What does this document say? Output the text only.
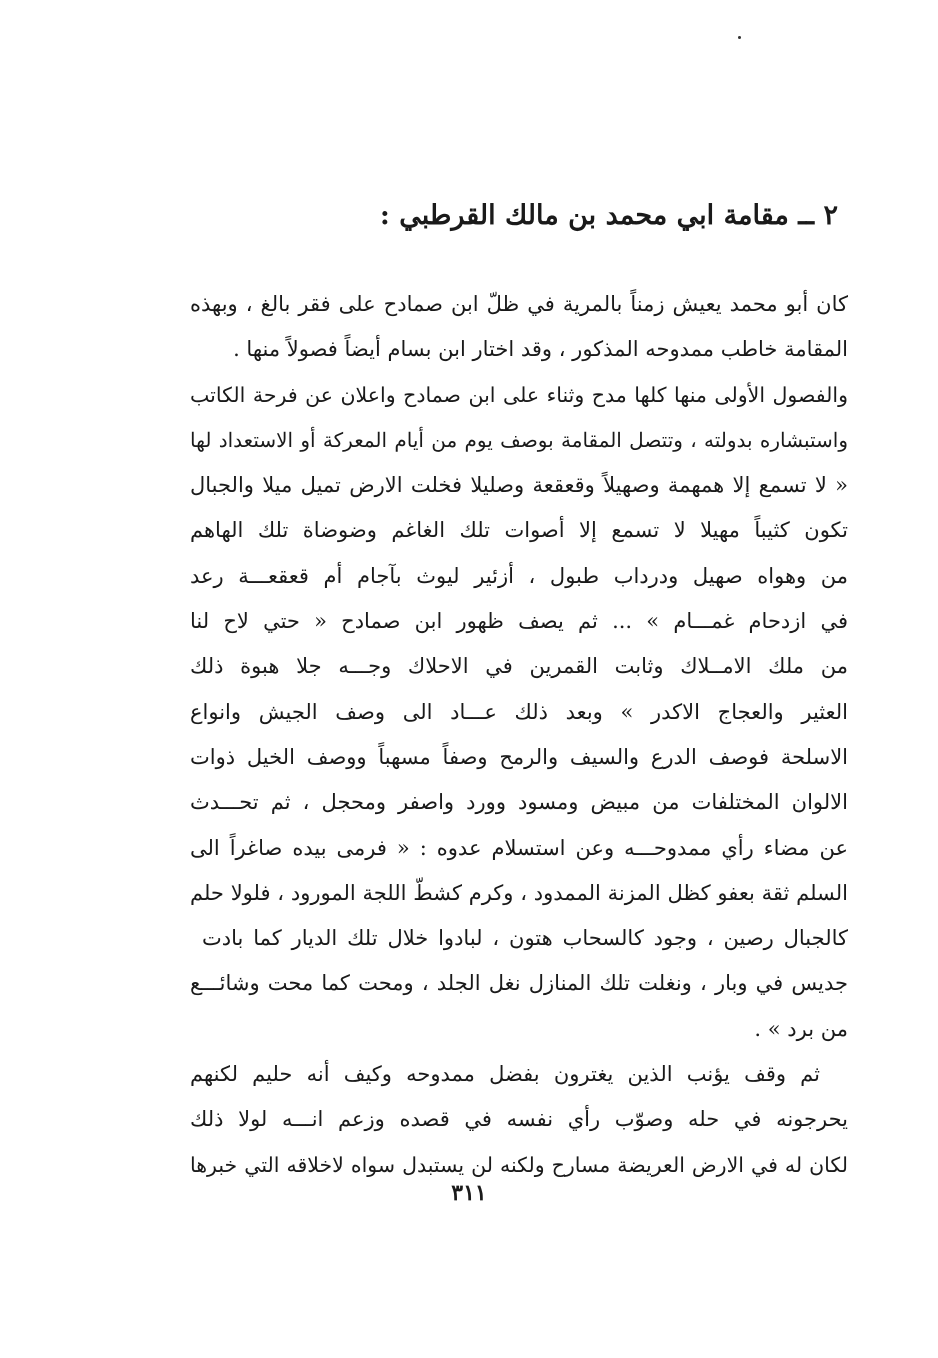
٢ ــ مقامة ابي محمد بن مالك القرطبي :
كان أبو محمد يعيش زمناً بالمرية في ظلّ ابن صمادح على فقر بالغ ، وبهذه
المقامة خاطب ممدوحه المذكور ، وقد اختار ابن بسام أيضاً فصولاً منها .
والفصول الأولى منها كلها مدح وثناء على ابن صمادح واعلان عن فرحة الكاتب
واستبشاره بدولته ، وتتصل المقامة بوصف يوم من أيام المعركة أو الاستعداد لها
« لا تسمع إلا همهمة وصهيلاً وقعقعة وصليلا فخلت الارض تميل ميلا والجبال
تكون كثيباً مهيلا لا تسمع إلا أصوات تلك الغاغم وضوضاة تلك الهاهم
من وهواه صهيل ودرداب طبول ، أزئير ليوث بآجام أم قعقعـــة رعد
في ازدحام غمـــام » ... ثم يصف ظهور ابن صمادح « حتي لاح لنا
من ملك الامــلاك وثابت القمرين في الاحلاك وجـــه جلا هبوة ذلك
العثير والعجاج الاكدر » وبعد ذلك عـــاد الى وصف الجيش وانواع
الاسلحة فوصف الدرع والسيف والرمح وصفاً مسهباً ووصف الخيل ذوات
الالوان المختلفات من مبيض ومسود وورد واصفر ومحجل ، ثم تحـــدث
عن مضاء رأي ممدوحـــه وعن استسلام عدوه : « فرمى بيده صاغراً الى
السلم ثقة بعفو كظل المزنة الممدود ، وكرم كشطّ اللجة المورود ، فلولا حلم
كالجبال رصين ، وجود كالسحاب هتون ، لبادوا خلال تلك الديار كما بادت
جديس في وبار ، ونغلت تلك المنازل نغل الجلد ، ومحت كما محت وشائـــع
من برد » .
ثم وقف يؤنب الذين يغترون بفضل ممدوحه وكيف أنه حليم لكنهم
يحرجونه في حله وصوّب رأي نفسه في قصده وزعم انـــه لولا ذلك
لكان له في الارض العريضة مسارح ولكنه لن يستبدل سواه لاخلاقه التي خبرها
٣١١
